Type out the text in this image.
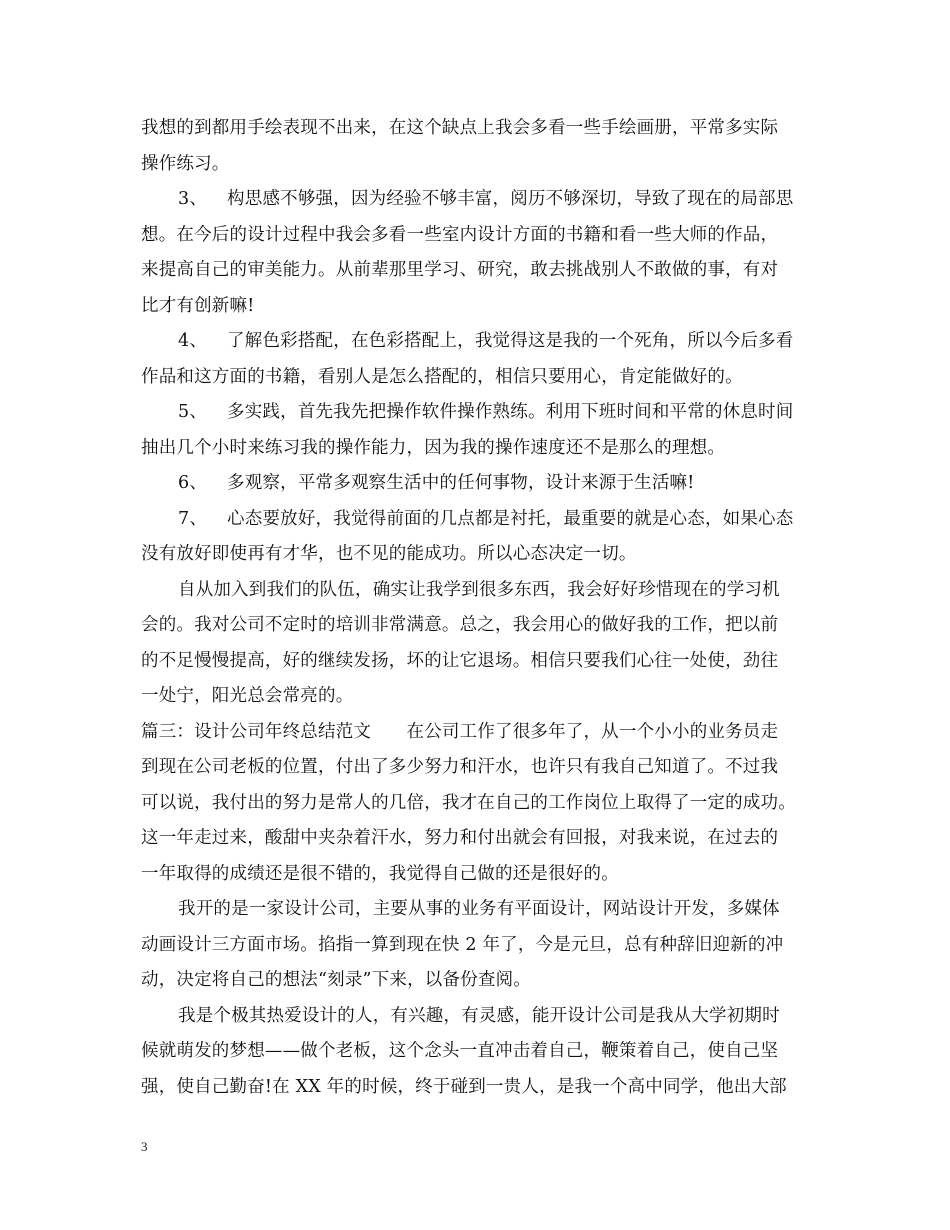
我想的到都用手绘表现不出来，在这个缺点上我会多看一些手绘画册，平常多实际
操作练习。
3、 构思感不够强，因为经验不够丰富，阅历不够深切，导致了现在的局部思
想。在今后的设计过程中我会多看一些室内设计方面的书籍和看一些大师的作品，
来提高自己的审美能力。从前辈那里学习、研究，敢去挑战别人不敢做的事，有对
比才有创新嘛!
4、 了解色彩搭配，在色彩搭配上，我觉得这是我的一个死角，所以今后多看
作品和这方面的书籍，看别人是怎么搭配的，相信只要用心，肯定能做好的。
5、 多实践，首先我先把操作软件操作熟练。利用下班时间和平常的休息时间
抽出几个小时来练习我的操作能力，因为我的操作速度还不是那么的理想。
6、 多观察，平常多观察生活中的任何事物，设计来源于生活嘛!
7、 心态要放好，我觉得前面的几点都是衬托，最重要的就是心态，如果心态
没有放好即使再有才华，也不见的能成功。所以心态决定一切。
自从加入到我们的队伍，确实让我学到很多东西，我会好好珍惜现在的学习机
会的。我对公司不定时的培训非常满意。总之，我会用心的做好我的工作，把以前
的不足慢慢提高，好的继续发扬，坏的让它退场。相信只要我们心往一处使，劲往
一处宁，阳光总会常亮的。
篇三：设计公司年终总结范文　　在公司工作了很多年了，从一个小小的业务员走
到现在公司老板的位置，付出了多少努力和汗水，也许只有我自己知道了。不过我
可以说，我付出的努力是常人的几倍，我才在自己的工作岗位上取得了一定的成功。
这一年走过来，酸甜中夹杂着汗水，努力和付出就会有回报，对我来说，在过去的
一年取得的成绩还是很不错的，我觉得自己做的还是很好的。
我开的是一家设计公司，主要从事的业务有平面设计，网站设计开发，多媒体
动画设计三方面市场。掐指一算到现在快 2 年了，今是元旦，总有种辞旧迎新的冲
动，决定将自己的想法“刻录”下来，以备份查阅。
我是个极其热爱设计的人，有兴趣，有灵感，能开设计公司是我从大学初期时
候就萌发的梦想——做个老板，这个念头一直冲击着自己，鞭策着自己，使自己坚
强，使自己勤奋!在 XX 年的时候，终于碰到一贵人，是我一个高中同学，他出大部
3
